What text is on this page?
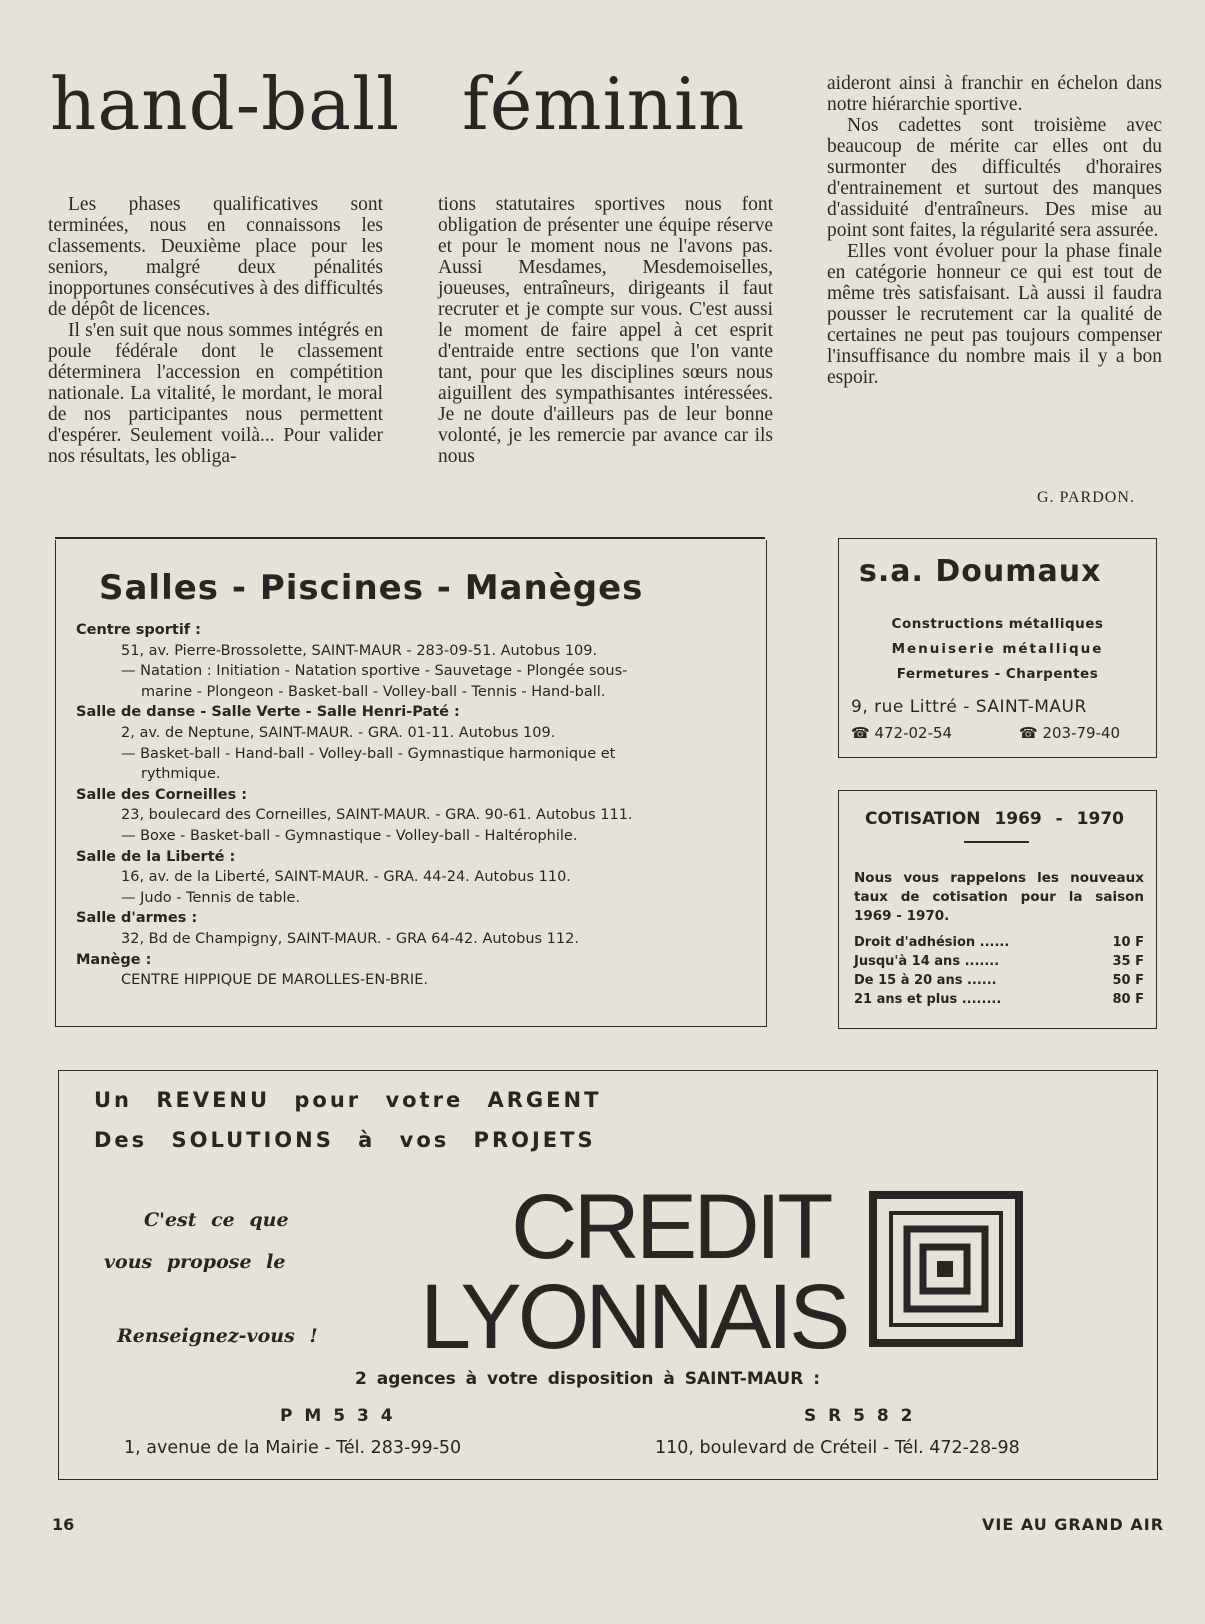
hand-ball féminin

Les phases qualificatives sont terminées, nous en connaissons les classements. Deuxième place pour les seniors, malgré deux pénalités inopportunes consécutives à des difficultés de dépôt de licences.

Il s'en suit que nous sommes intégrés en poule fédérale dont le classement déterminera l'accession en compétition nationale. La vitalité, le mordant, le moral de nos participantes nous permettent d'espérer. Seulement voilà... Pour valider nos résultats, les obliga-

tions statutaires sportives nous font obligation de présenter une équipe réserve et pour le moment nous ne l'avons pas. Aussi Mesdames, Mesdemoiselles, joueuses, entraîneurs, dirigeants il faut recruter et je compte sur vous. C'est aussi le moment de faire appel à cet esprit d'entraide entre sections que l'on vante tant, pour que les disciplines sœurs nous aiguillent des sympathisantes intéressées. Je ne doute d'ailleurs pas de leur bonne volonté, je les remercie par avance car ils nous

aideront ainsi à franchir en échelon dans notre hiérarchie sportive.

Nos cadettes sont troisième avec beaucoup de mérite car elles ont du surmonter des difficultés d'horaires d'entrainement et surtout des manques d'assiduité d'entraîneurs. Des mise au point sont faites, la régularité sera assurée.

Elles vont évoluer pour la phase finale en catégorie honneur ce qui est tout de même très satisfaisant. Là aussi il faudra pousser le recrutement car la qualité de certaines ne peut pas toujours compenser l'insuffisance du nombre mais il y a bon espoir.

G. PARDON.
Salles - Piscines - Manèges
Centre sportif :
51, av. Pierre-Brossolette, SAINT-MAUR - 283-09-51. Autobus 109.
— Natation : Initiation - Natation sportive - Sauvetage - Plongée sous-
marine - Plongeon - Basket-ball - Volley-ball - Tennis - Hand-ball.
Salle de danse - Salle Verte - Salle Henri-Paté :
2, av. de Neptune, SAINT-MAUR. - GRA. 01-11. Autobus 109.
— Basket-ball - Hand-ball - Volley-ball - Gymnastique harmonique et
rythmique.
Salle des Corneilles :
23, boulecard des Corneilles, SAINT-MAUR. - GRA. 90-61. Autobus 111.
— Boxe - Basket-ball - Gymnastique - Volley-ball - Haltérophile.
Salle de la Liberté :
16, av. de la Liberté, SAINT-MAUR. - GRA. 44-24. Autobus 110.
— Judo - Tennis de table.
Salle d'armes :
32, Bd de Champigny, SAINT-MAUR. - GRA 64-42. Autobus 112.
Manège :
CENTRE HIPPIQUE DE MAROLLES-EN-BRIE.
s.a. Doumaux
Constructions métalliques
Menuiserie métallique
Fermetures - Charpentes
9, rue Littré - SAINT-MAUR
☎ 472-02-54	☎ 203-79-40
COTISATION 1969 - 1970
Nous vous rappelons les nouveaux taux de cotisation pour la saison 1969 - 1970.
Droit d'adhésion ......	10 F
Jusqu'à 14 ans .......	35 F
De 15 à 20 ans ......	50 F
21 ans et plus ........	80 F
Un REVENU pour votre ARGENT
Des SOLUTIONS à vos PROJETS
C'est ce que
vous propose le
Renseignez-vous !
CREDIT
LYONNAIS
2 agences à votre disposition à SAINT-MAUR :
P M 5 3 4	S R 5 8 2
1, avenue de la Mairie - Tél. 283-99-50	110, boulevard de Créteil - Tél. 472-28-98
16	VIE AU GRAND AIR
